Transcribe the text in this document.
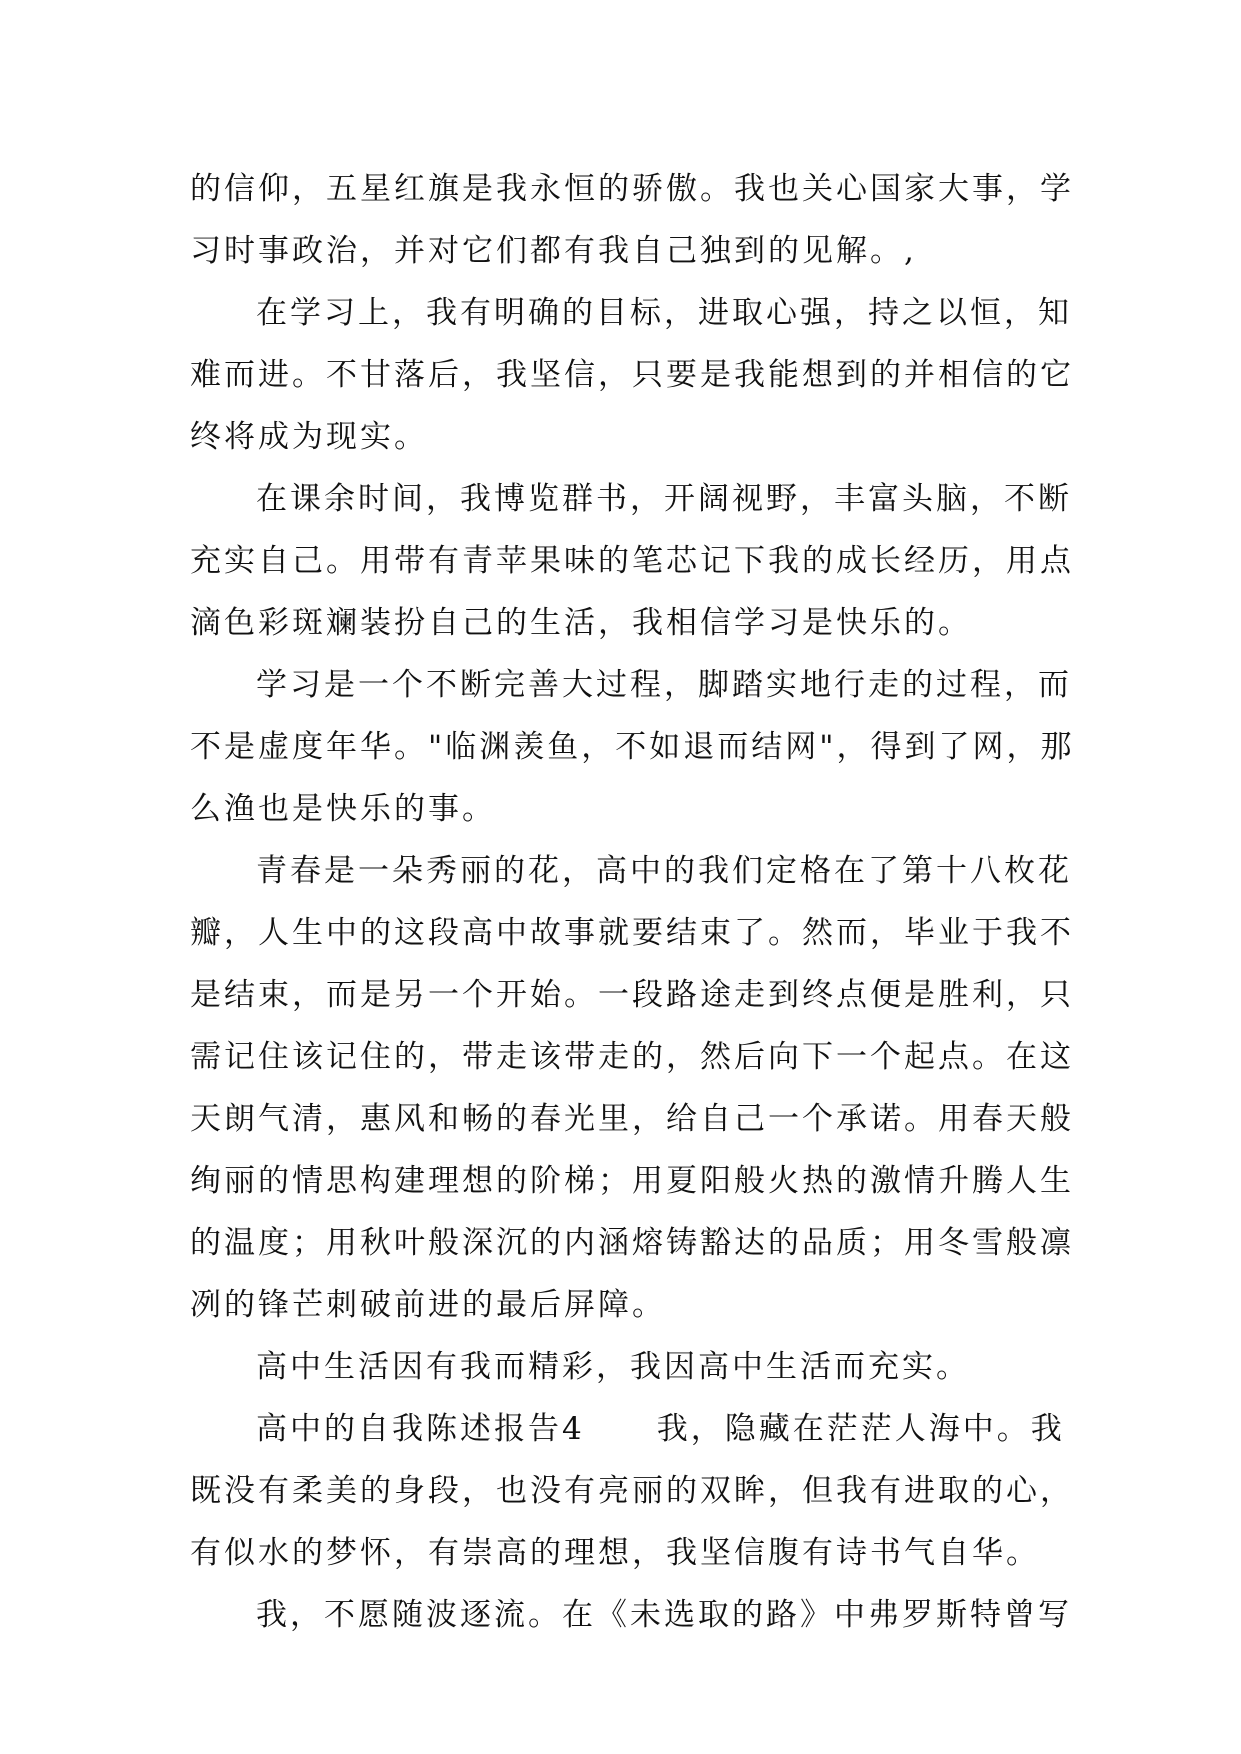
的信仰，五星红旗是我永恒的骄傲。我也关心国家大事，学
习时事政治，并对它们都有我自己独到的见解。,
在学习上，我有明确的目标，进取心强，持之以恒，知
难而进。不甘落后，我坚信，只要是我能想到的并相信的它
终将成为现实。
在课余时间，我博览群书，开阔视野，丰富头脑，不断
充实自己。用带有青苹果味的笔芯记下我的成长经历，用点
滴色彩斑斓装扮自己的生活，我相信学习是快乐的。
学习是一个不断完善大过程，脚踏实地行走的过程，而
不是虚度年华。"临渊羡鱼，不如退而结网"，得到了网，那
么渔也是快乐的事。
青春是一朵秀丽的花，高中的我们定格在了第十八枚花
瓣，人生中的这段高中故事就要结束了。然而，毕业于我不
是结束，而是另一个开始。一段路途走到终点便是胜利，只
需记住该记住的，带走该带走的，然后向下一个起点。在这
天朗气清，惠风和畅的春光里，给自己一个承诺。用春天般
绚丽的情思构建理想的阶梯；用夏阳般火热的激情升腾人生
的温度；用秋叶般深沉的内涵熔铸豁达的品质；用冬雪般凛
冽的锋芒刺破前进的最后屏障。
高中生活因有我而精彩，我因高中生活而充实。
高中的自我陈述报告4 我，隐藏在茫茫人海中。我
既没有柔美的身段，也没有亮丽的双眸，但我有进取的心，
有似水的梦怀，有崇高的理想，我坚信腹有诗书气自华。
我，不愿随波逐流。在《未选取的路》中弗罗斯特曾写
